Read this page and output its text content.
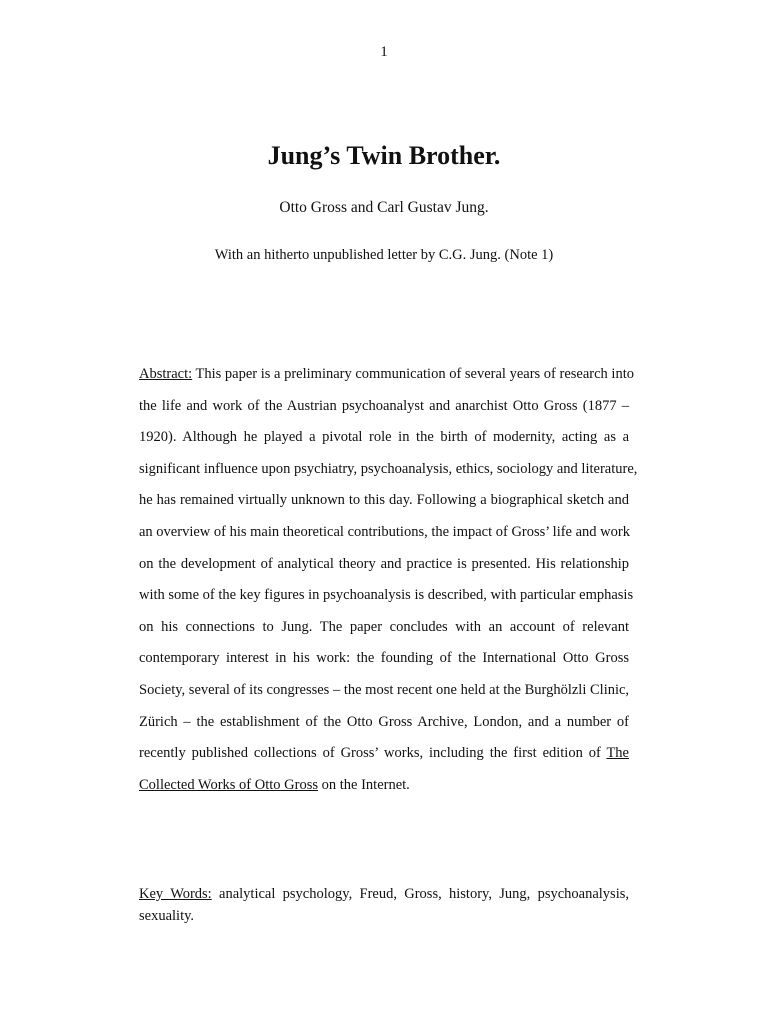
1
Jung’s Twin Brother.
Otto Gross and Carl Gustav Jung.
With an hitherto unpublished letter by C.G. Jung. (Note 1)
Abstract: This paper is a preliminary communication of several years of research into
the life and work of the Austrian psychoanalyst and anarchist Otto Gross (1877 –
1920). Although he played a pivotal role in the birth of modernity, acting as a
significant influence upon psychiatry, psychoanalysis, ethics, sociology and literature,
he has remained virtually unknown to this day. Following a biographical sketch and
an overview of his main theoretical contributions, the impact of Gross’ life and work
on the development of analytical theory and practice is presented. His relationship
with some of the key figures in psychoanalysis is described, with particular emphasis
on his connections to Jung. The paper concludes with an account of relevant
contemporary interest in his work: the founding of the International Otto Gross
Society, several of its congresses – the most recent one held at the Burghölzli Clinic,
Zürich – the establishment of the Otto Gross Archive, London, and a number of
recently published collections of Gross’ works, including the first edition of The
Collected Works of Otto Gross on the Internet.
Key Words: analytical psychology, Freud, Gross, history, Jung, psychoanalysis,
sexuality.
